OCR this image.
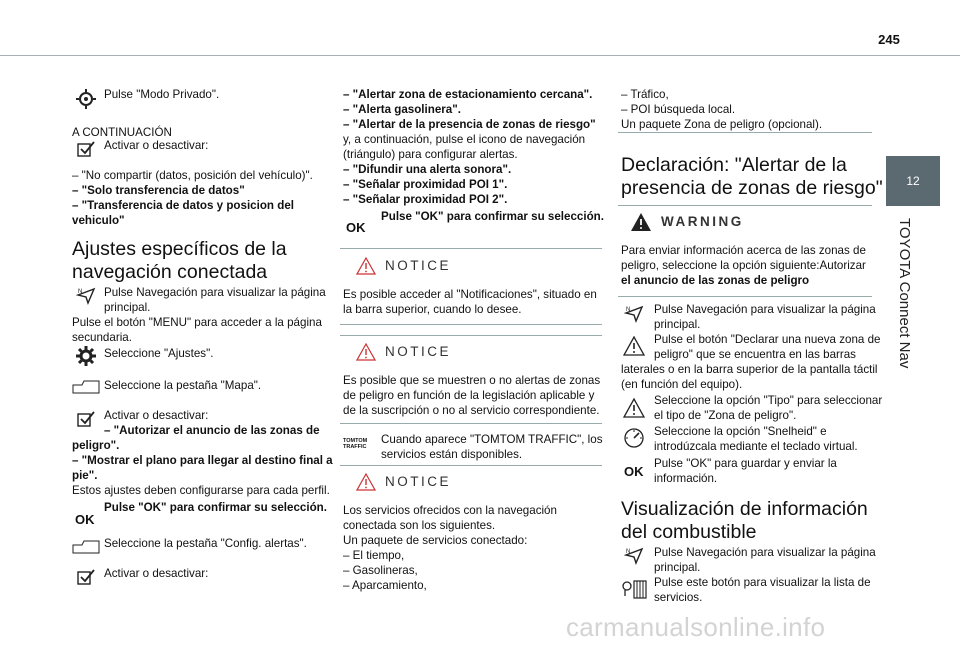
245
12
TOYOTA Connect Nav
Pulse "Modo Privado".
A CONTINUACIÓN
Activar o desactivar:
– "No compartir (datos, posición del vehículo)".
– "Solo transferencia de datos"
– "Transferencia de datos y posicion del
vehiculo"
Ajustes específicos de la
navegación conectada
N Pulse Navegación para visualizar la página
principal.
Pulse el botón "MENU" para acceder a la página
secundaria.
Seleccione "Ajustes".
Seleccione la pestaña "Mapa".
Activar o desactivar:
– "Autorizar el anuncio de las zonas de
peligro".
– "Mostrar el plano para llegar al destino final a
pie".
Estos ajustes deben configurarse para cada perfil.
OK
Pulse "OK" para confirmar su selección.
Seleccione la pestaña "Config. alertas".
Activar o desactivar:
– "Alertar zona de estacionamiento cercana".
– "Alerta gasolinera".
– "Alertar de la presencia de zonas de riesgo"
y, a continuación, pulse el icono de navegación
(triángulo) para configurar alertas.
– "Difundir una alerta sonora".
– "Señalar proximidad POI 1".
– "Señalar proximidad POI 2".
OK
Pulse "OK" para confirmar su selección.
NOTICE
Es posible acceder al "Notificaciones", situado en
la barra superior, cuando lo desee.
NOTICE
Es posible que se muestren o no alertas de zonas
de peligro en función de la legislación aplicable y
de la suscripción o no al servicio correspondiente.
TOMTOM TRAFFIC
Cuando aparece "TOMTOM TRAFFIC", los
servicios están disponibles.
NOTICE
Los servicios ofrecidos con la navegación
conectada son los siguientes.
Un paquete de servicios conectado:
– El tiempo,
– Gasolineras,
– Aparcamiento,
– Tráfico,
– POI búsqueda local.
Un paquete Zona de peligro (opcional).
Declaración: "Alertar de la
presencia de zonas de riesgo"
WARNING
Para enviar información acerca de las zonas de
peligro, seleccione la opción siguiente:Autorizar
el anuncio de las zonas de peligro
N Pulse Navegación para visualizar la página
principal.
Pulse el botón "Declarar una nueva zona de
peligro" que se encuentra en las barras
laterales o en la barra superior de la pantalla táctil
(en función del equipo).
Seleccione la opción "Tipo" para seleccionar
el tipo de "Zona de peligro".
Seleccione la opción "Snelheid" e
introdúzcala mediante el teclado virtual.
OK
Pulse "OK" para guardar y enviar la
información.
Visualización de información
del combustible
N Pulse Navegación para visualizar la página
principal.
Pulse este botón para visualizar la lista de
servicios.
carmanualsonline.info
